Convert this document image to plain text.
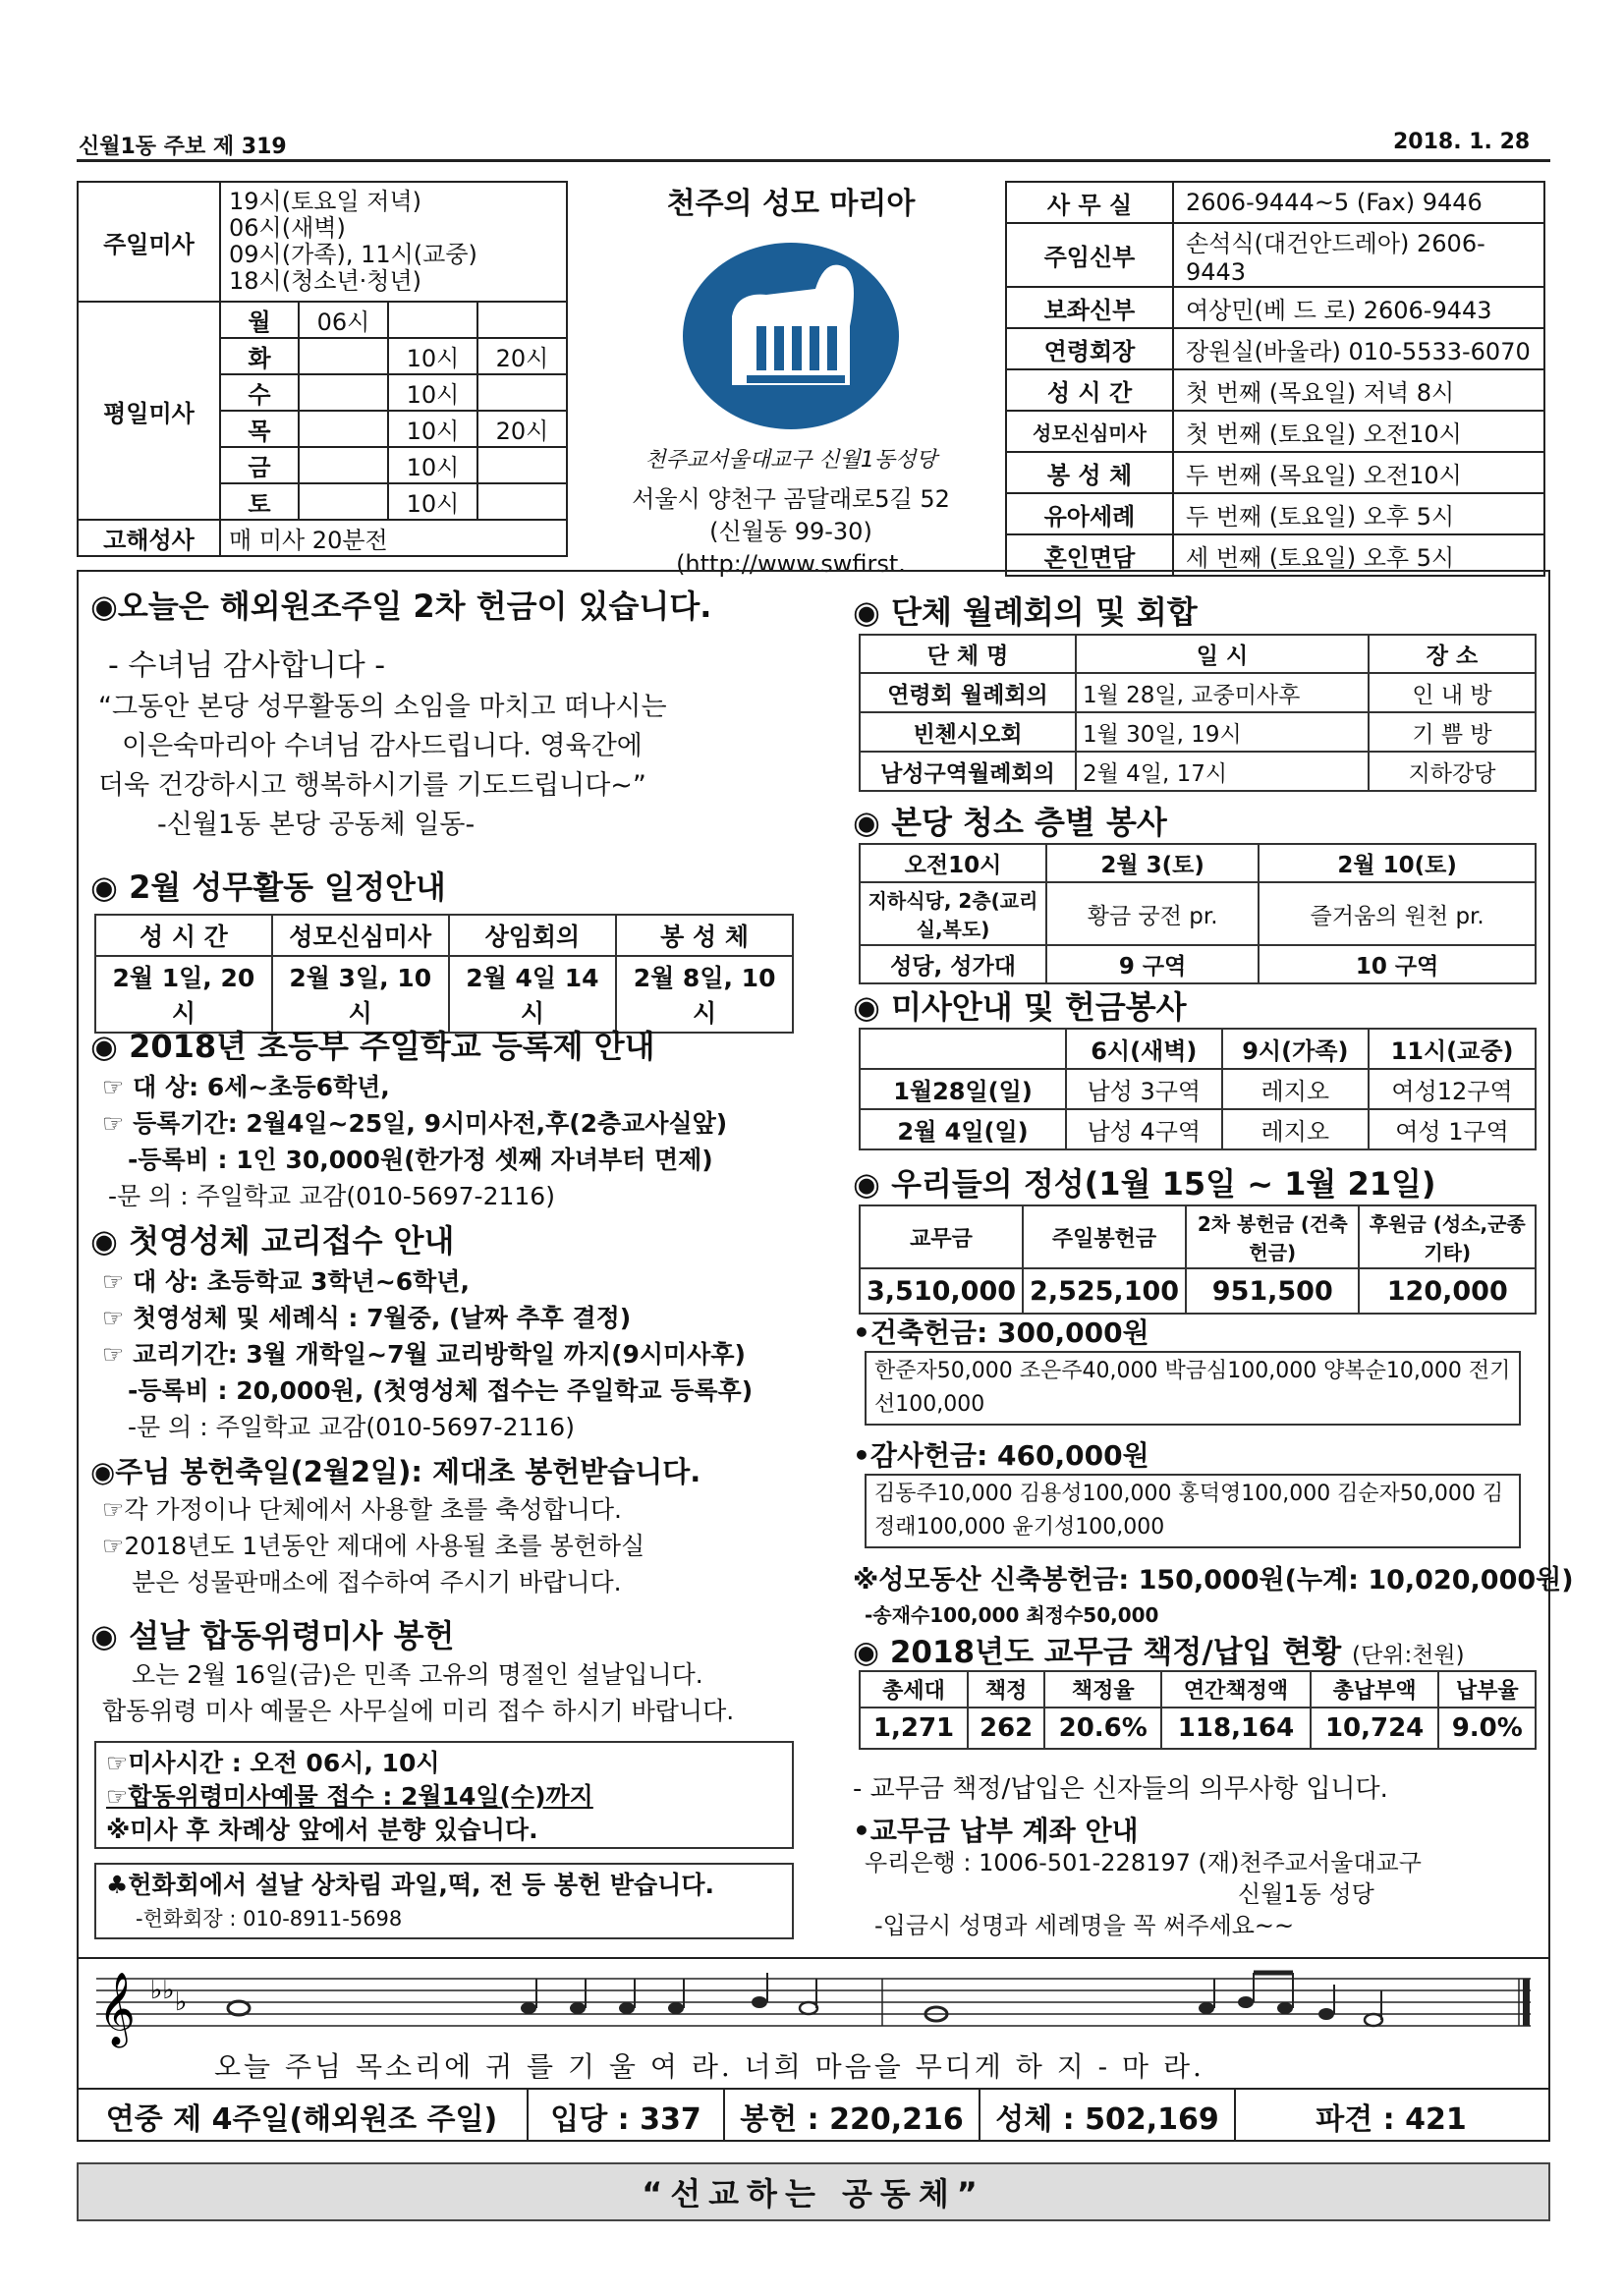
신월1동 주보 제 319	2018. 1. 28
주일미사	19시(토요일 저녁)
06시(새벽)
09시(가족), 11시(교중)
18시(청소년·청년)			

평일미사	월	06시		
	화		10시	20시
	수		10시	
	목		10시	20시
	금		10시	
	토		10시	
고해성사	매 미사 20분전			
천주의 성모 마리아
천주교서울대교구 신월1동성당
서울시 양천구 곰달래로5길 52
(신월동 99-30)
(http://www.swfirst.
사 무 실	2606-9444~5 (Fax) 9446
주임신부	손석식(대건안드레아) 2606-9443
보좌신부	여상민(베 드 로) 2606-9443
연령회장	장원실(바울라) 010-5533-6070
성 시 간	첫 번째 (목요일) 저녁 8시
성모신심미사	첫 번째 (토요일) 오전10시
봉 성 체	두 번째 (목요일) 오전10시
유아세례	두 번째 (토요일) 오후 5시
혼인면담	세 번째 (토요일) 오후 5시
◉오늘은 해외원조주일 2차 헌금이 있습니다.
- 수녀님 감사합니다 -
“그동안 본당 성무활동의 소임을 마치고 떠나시는
이은숙마리아 수녀님 감사드립니다. 영육간에
더욱 건강하시고 행복하시기를 기도드립니다~”
-신월1동 본당 공동체 일동-
◉ 2월 성무활동 일정안내
성 시 간	성모신심미사	상임회의	봉 성 체
2월 1일, 20시	2월 3일, 10시	2월 4일 14시	2월 8일, 10시
◉ 2018년 초등부 주일학교 등록제 안내
☞ 대 상: 6세~초등6학년,
☞ 등록기간: 2월4일~25일, 9시미사전,후(2층교사실앞)
-등록비 : 1인 30,000원(한가정 셋째 자녀부터 면제)
-문 의 : 주일학교 교감(010-5697-2116)
◉ 첫영성체 교리접수 안내
☞ 대 상: 초등학교 3학년~6학년,
☞ 첫영성체 및 세례식 : 7월중, (날짜 추후 결정)
☞ 교리기간: 3월 개학일~7월 교리방학일 까지(9시미사후)
-등록비 : 20,000원, (첫영성체 접수는 주일학교 등록후)
-문 의 : 주일학교 교감(010-5697-2116)
◉주님 봉헌축일(2월2일): 제대초 봉헌받습니다.
☞각 가정이나 단체에서 사용할 초를 축성합니다.
☞2018년도 1년동안 제대에 사용될 초를 봉헌하실
분은 성물판매소에 접수하여 주시기 바랍니다.
◉ 설날 합동위령미사 봉헌
오는 2월 16일(금)은 민족 고유의 명절인 설날입니다.
합동위령 미사 예물은 사무실에 미리 접수 하시기 바랍니다.
☞미사시간 : 오전 06시, 10시
☞합동위령미사예물 접수 : 2월14일(수)까지
※미사 후 차례상 앞에서 분향 있습니다.
♣헌화회에서 설날 상차림 과일,떡, 전 등 봉헌 받습니다.
-헌화회장 : 010-8911-5698
◉ 단체 월례회의 및 회합
단 체 명	일 시	장 소
연령회 월례회의	1월 28일, 교중미사후	인 내 방
빈첸시오회	1월 30일, 19시	기 쁨 방
남성구역월례회의	2월 4일, 17시	지하강당
◉ 본당 청소 층별 봉사
오전10시	2월 3(토)	2월 10(토)
지하식당, 2층(교리실,복도)	황금 궁전 pr.	즐거움의 원천 pr.
성당, 성가대	9 구역	10 구역
◉ 미사안내 및 헌금봉사
	6시(새벽)	9시(가족)	11시(교중)
1월28일(일)	남성 3구역	레지오	여성12구역
2월 4일(일)	남성 4구역	레지오	여성 1구역
◉ 우리들의 정성(1월 15일 ~ 1월 21일)
교무금	주일봉헌금	2차 봉헌금 (건축헌금)	후원금 (성소,군종기타)
3,510,000	2,525,100	951,500	120,000
•건축헌금: 300,000원
한준자50,000 조은주40,000 박금심100,000 양복순10,000 전기선100,000
•감사헌금: 460,000원
김동주10,000 김용성100,000 홍덕영100,000 김순자50,000 김정래100,000 윤기성100,000
※성모동산 신축봉헌금: 150,000원(누계: 10,020,000원)
-송재수100,000 최정수50,000
◉ 2018년도 교무금 책정/납입 현황 (단위:천원)
총세대	책정	책정율	연간책정액	총납부액	납부율
1,271	262	20.6%	118,164	10,724	9.0%
- 교무금 책정/납입은 신자들의 의무사항 입니다.
•교무금 납부 계좌 안내
우리은행 : 1006-501-228197 (재)천주교서울대교구
신월1동 성당
-입금시 성명과 세례명을 꼭 써주세요~~
𝄞 ♭♭ ♭
오늘 주님 목소리에 귀 를 기 울 여 라. 너희 마음을 무디게 하 지 - 마 라.
연중 제 4주일(해외원조 주일)	입당 : 337	봉헌 : 220,216	성체 : 502,169	파견 : 421
“선교하는 공동체”
